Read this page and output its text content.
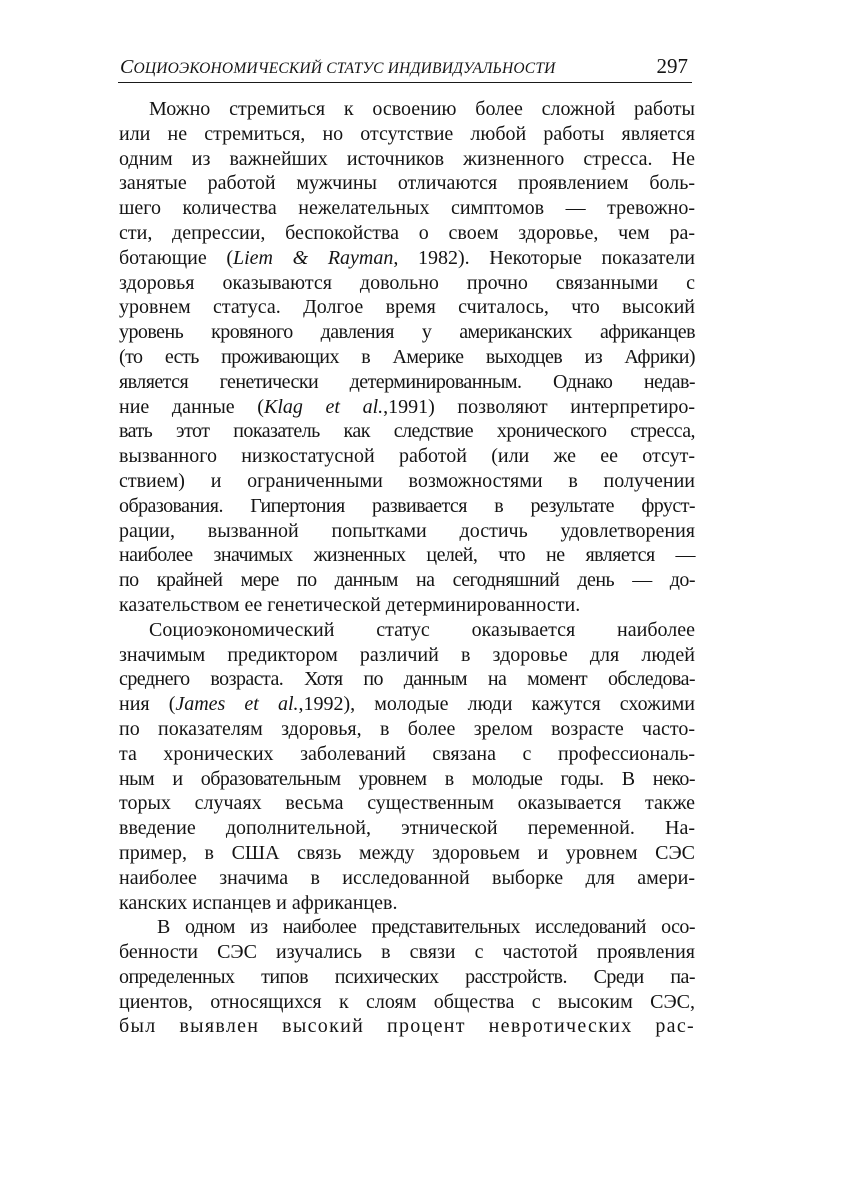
СОЦИОЭКОНОМИЧЕСКИЙ СТАТУС ИНДИВИДУАЛЬНОСТИ	297
Можно стремиться к освоению более сложной работы
или не стремиться, но отсутствие любой работы является
одним из важнейших источников жизненного стресса. Не
занятые работой мужчины отличаются проявлением боль-
шего количества нежелательных симптомов — тревожно-
сти, депрессии, беспокойства о своем здоровье, чем ра-
ботающие (Liem & Rayman, 1982). Некоторые показатели
здоровья оказываются довольно прочно связанными с
уровнем статуса. Долгое время считалось, что высокий
уровень кровяного давления у американских африканцев
(то есть проживающих в Америке выходцев из Африки)
является генетически детерминированным. Однако недав-
ние данные (Klag et al.,1991) позволяют интерпретиро-
вать этот показатель как следствие хронического стресса,
вызванного низкостатусной работой (или же ее отсут-
ствием) и ограниченными возможностями в получении
образования. Гипертония развивается в результате фруст-
рации, вызванной попытками достичь удовлетворения
наиболее значимых жизненных целей, что не является —
по крайней мере по данным на сегодняшний день — до-
казательством ее генетической детерминированности.
Социоэкономический статус оказывается наиболее
значимым предиктором различий в здоровье для людей
среднего возраста. Хотя по данным на момент обследова-
ния (James et al.,1992), молодые люди кажутся схожими
по показателям здоровья, в более зрелом возрасте часто-
та хронических заболеваний связана с профессиональ-
ным и образовательным уровнем в молодые годы. В неко-
торых случаях весьма существенным оказывается также
введение дополнительной, этнической переменной. На-
пример, в США связь между здоровьем и уровнем СЭС
наиболее значима в исследованной выборке для амери-
канских испанцев и африканцев.
В одном из наиболее представительных исследований осо-
бенности СЭС изучались в связи с частотой проявления
определенных типов психических расстройств. Среди па-
циентов, относящихся к слоям общества с высоким СЭС,
был выявлен высокий процент невротических рас-
